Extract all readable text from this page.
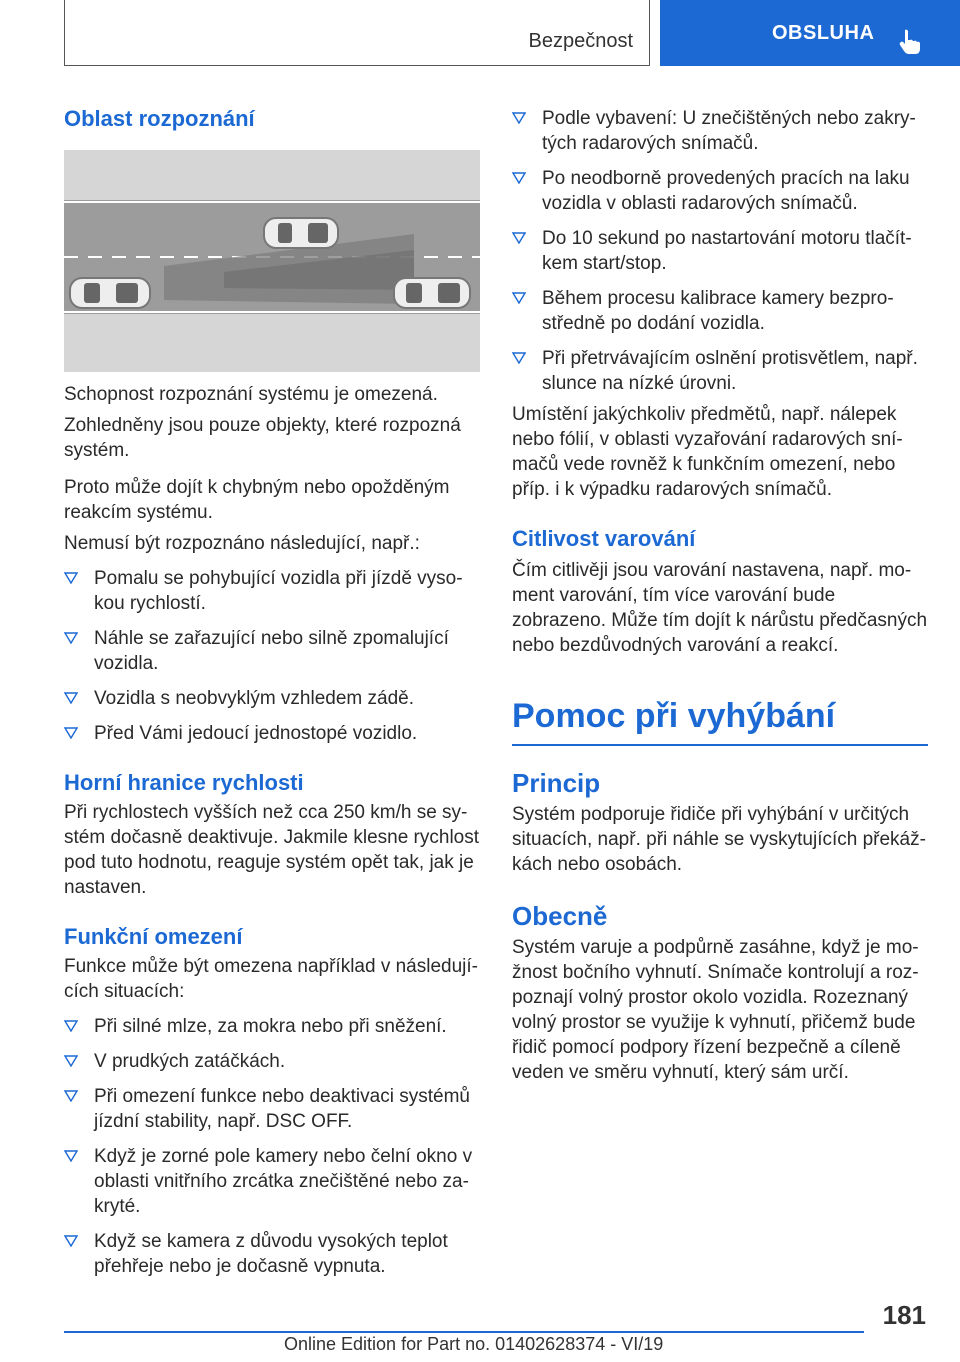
Bezpečnost	OBSLUHA
Oblast rozpoznání
Schopnost rozpoznání systému je omezená.
Zohledněny jsou pouze objekty, které rozpozná systém.
Proto může dojít k chybným nebo opožděným reakcím systému.
Nemusí být rozpoznáno následující, např.:
Pomalu se pohybující vozidla při jízdě vysokou rychlostí.
Náhle se zařazující nebo silně zpomalující vozidla.
Vozidla s neobvyklým vzhledem zádě.
Před Vámi jedoucí jednostopé vozidlo.
Horní hranice rychlosti
Při rychlostech vyšších než cca 250 km/h se systém dočasně deaktivuje. Jakmile klesne rychlost pod tuto hodnotu, reaguje systém opět tak, jak je nastaven.
Funkční omezení
Funkce může být omezena například v následujících situacích:
Při silné mlze, za mokra nebo při sněžení.
V prudkých zatáčkách.
Při omezení funkce nebo deaktivaci systémů jízdní stability, např. DSC OFF.
Když je zorné pole kamery nebo čelní okno v oblasti vnitřního zrcátka znečištěné nebo zakryté.
Když se kamera z důvodu vysokých teplot přehřeje nebo je dočasně vypnuta.
Podle vybavení: U znečištěných nebo zakrytých radarových snímačů.
Po neodborně provedených pracích na laku vozidla v oblasti radarových snímačů.
Do 10 sekund po nastartování motoru tlačítkem start/stop.
Během procesu kalibrace kamery bezprostředně po dodání vozidla.
Při přetrvávajícím oslnění protisvětlem, např. slunce na nízké úrovni.
Umístění jakýchkoliv předmětů, např. nálepek nebo fólií, v oblasti vyzařování radarových snímačů vede rovněž k funkčním omezení, nebo příp. i k výpadku radarových snímačů.
Citlivost varování
Čím citlivěji jsou varování nastavena, např. moment varování, tím více varování bude zobrazeno. Může tím dojít k nárůstu předčasných nebo bezdůvodných varování a reakcí.
Pomoc při vyhýbání
Princip
Systém podporuje řidiče při vyhýbání v určitých situacích, např. při náhle se vyskytujících překážkách nebo osobách.
Obecně
Systém varuje a podpůrně zasáhne, když je možnost bočního vyhnutí. Snímače kontrolují a rozpoznají volný prostor okolo vozidla. Rozeznaný volný prostor se využije k vyhnutí, přičemž bude řidič pomocí podpory řízení bezpečně a cíleně veden ve směru vyhnutí, který sám určí.
181
Online Edition for Part no. 01402628374 - VI/19
